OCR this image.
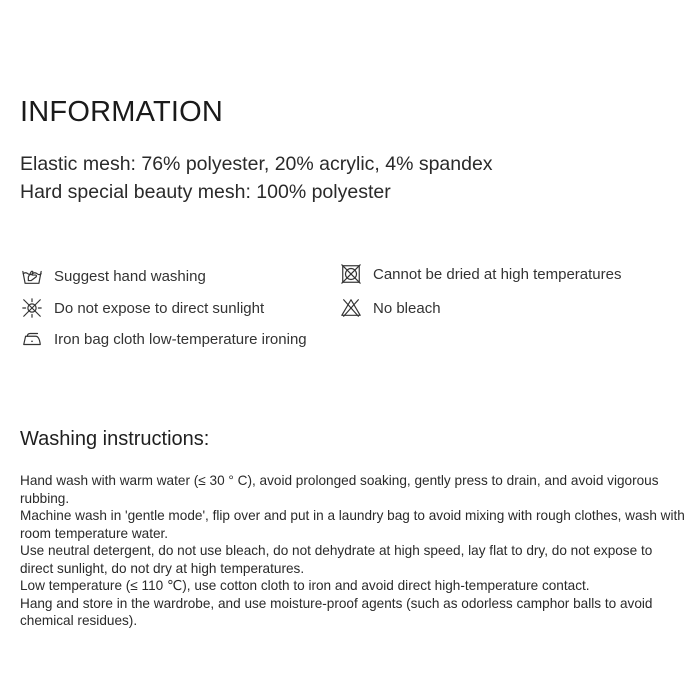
INFORMATION
Elastic mesh: 76% polyester, 20% acrylic, 4% spandex
Hard special beauty mesh: 100% polyester
Suggest hand washing
Do not expose to direct sunlight
Iron bag cloth low-temperature ironing
Cannot be dried at high temperatures
No bleach
Washing instructions:
Hand wash with warm water (≤ 30 ° C), avoid prolonged soaking, gently press to drain, and avoid vigorous rubbing.
Machine wash in 'gentle mode', flip over and put in a laundry bag to avoid mixing with rough clothes, wash with room temperature water.
Use neutral detergent, do not use bleach, do not dehydrate at high speed, lay flat to dry, do not expose to direct sunlight, do not dry at high temperatures.
Low temperature (≤ 110 ℃), use cotton cloth to iron and avoid direct high-temperature contact.
Hang and store in the wardrobe, and use moisture-proof agents (such as odorless camphor balls to avoid chemical residues).
